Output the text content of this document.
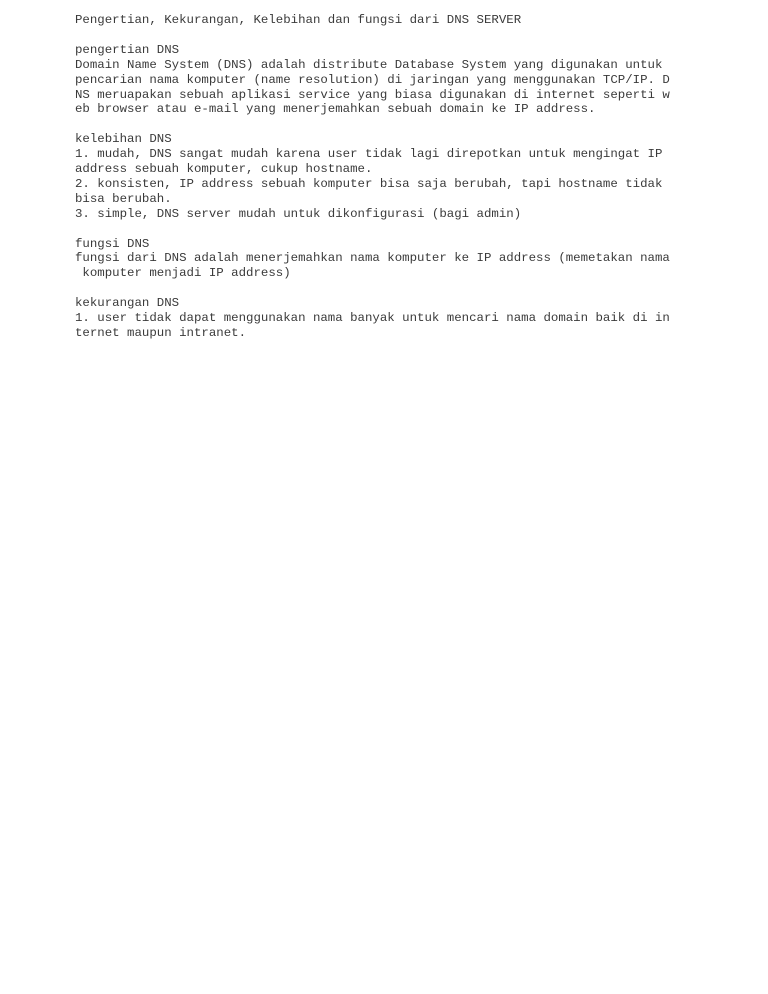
Pengertian, Kekurangan, Kelebihan dan fungsi dari DNS SERVER
pengertian DNS
Domain Name System (DNS) adalah distribute Database System yang digunakan untuk
pencarian nama komputer (name resolution) di jaringan yang menggunakan TCP/IP. D
NS meruapakan sebuah aplikasi service yang biasa digunakan di internet seperti w
eb browser atau e-mail yang menerjemahkan sebuah domain ke IP address.
kelebihan DNS
1. mudah, DNS sangat mudah karena user tidak lagi direpotkan untuk mengingat IP
address sebuah komputer, cukup hostname.
2. konsisten, IP address sebuah komputer bisa saja berubah, tapi hostname tidak
bisa berubah.
3. simple, DNS server mudah untuk dikonfigurasi (bagi admin)
fungsi DNS
fungsi dari DNS adalah menerjemahkan nama komputer ke IP address (memetakan nama
komputer menjadi IP address)
kekurangan DNS
1. user tidak dapat menggunakan nama banyak untuk mencari nama domain baik di in
ternet maupun intranet.
